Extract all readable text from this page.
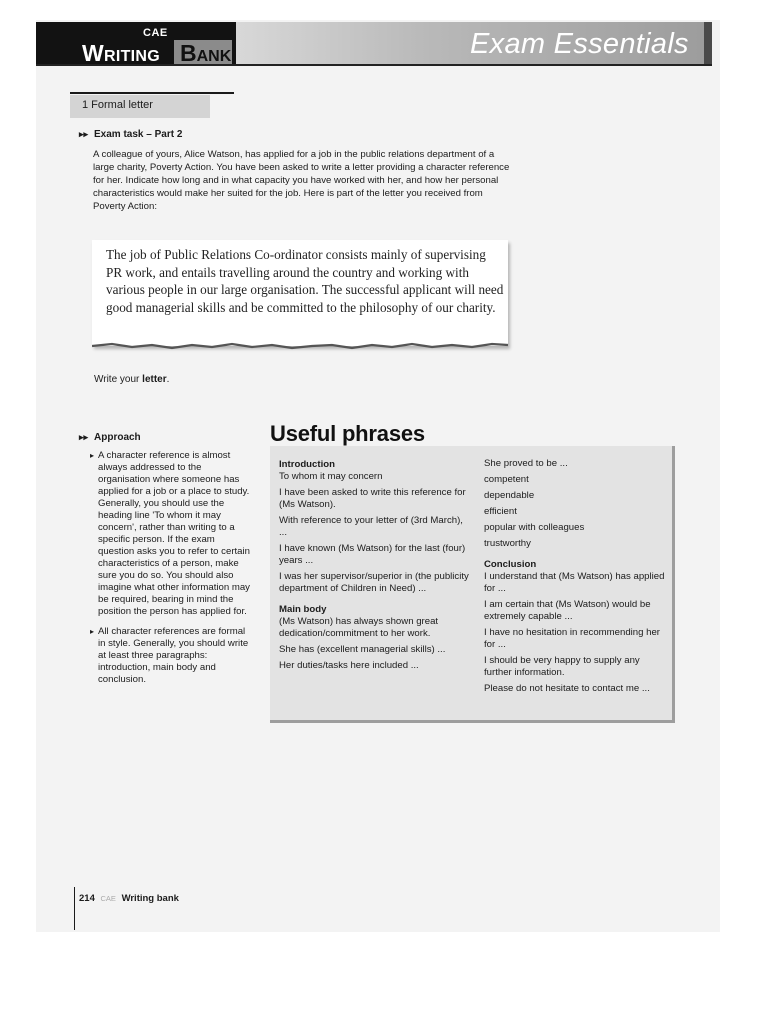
CAE
Writing Bank	Exam Essentials
1 Formal letter
▸▸ Exam task – Part 2

A colleague of yours, Alice Watson, has applied for a job in the public relations department of a large charity, Poverty Action. You have been asked to write a letter providing a character reference for her. Indicate how long and in what capacity you have worked with her, and how her personal characteristics would make her suited for the job. Here is part of the letter you received from Poverty Action:

The job of Public Relations Co-ordinator consists mainly of supervising PR work, and entails travelling around the country and working with various people in our large organisation. The successful applicant will need good managerial skills and be committed to the philosophy of our charity.

Write your letter.
▸▸ Approach
▸ A character reference is almost always addressed to the organisation where someone has applied for a job or a place to study. Generally, you should use the heading line 'To whom it may concern', rather than writing to a specific person. If the exam question asks you to refer to certain characteristics of a person, make sure you do so. You should also imagine what other information may be required, bearing in mind the position the person has applied for.
▸ All character references are formal in style. Generally, you should write at least three paragraphs: introduction, main body and conclusion.
Useful phrases
Introduction
To whom it may concern
I have been asked to write this reference for (Ms Watson).
With reference to your letter of (3rd March), ...
I have known (Ms Watson) for the last (four) years ...
I was her supervisor/superior in (the publicity department of Children in Need) ...
Main body
(Ms Watson) has always shown great dedication/commitment to her work.
She has (excellent managerial skills) ...
Her duties/tasks here included ...
She proved to be ...
competent
dependable
efficient
popular with colleagues
trustworthy
Conclusion
I understand that (Ms Watson) has applied for ...
I am certain that (Ms Watson) would be extremely capable ...
I have no hesitation in recommending her for ...
I should be very happy to supply any further information.
Please do not hesitate to contact me ...
214 CAE Writing bank
